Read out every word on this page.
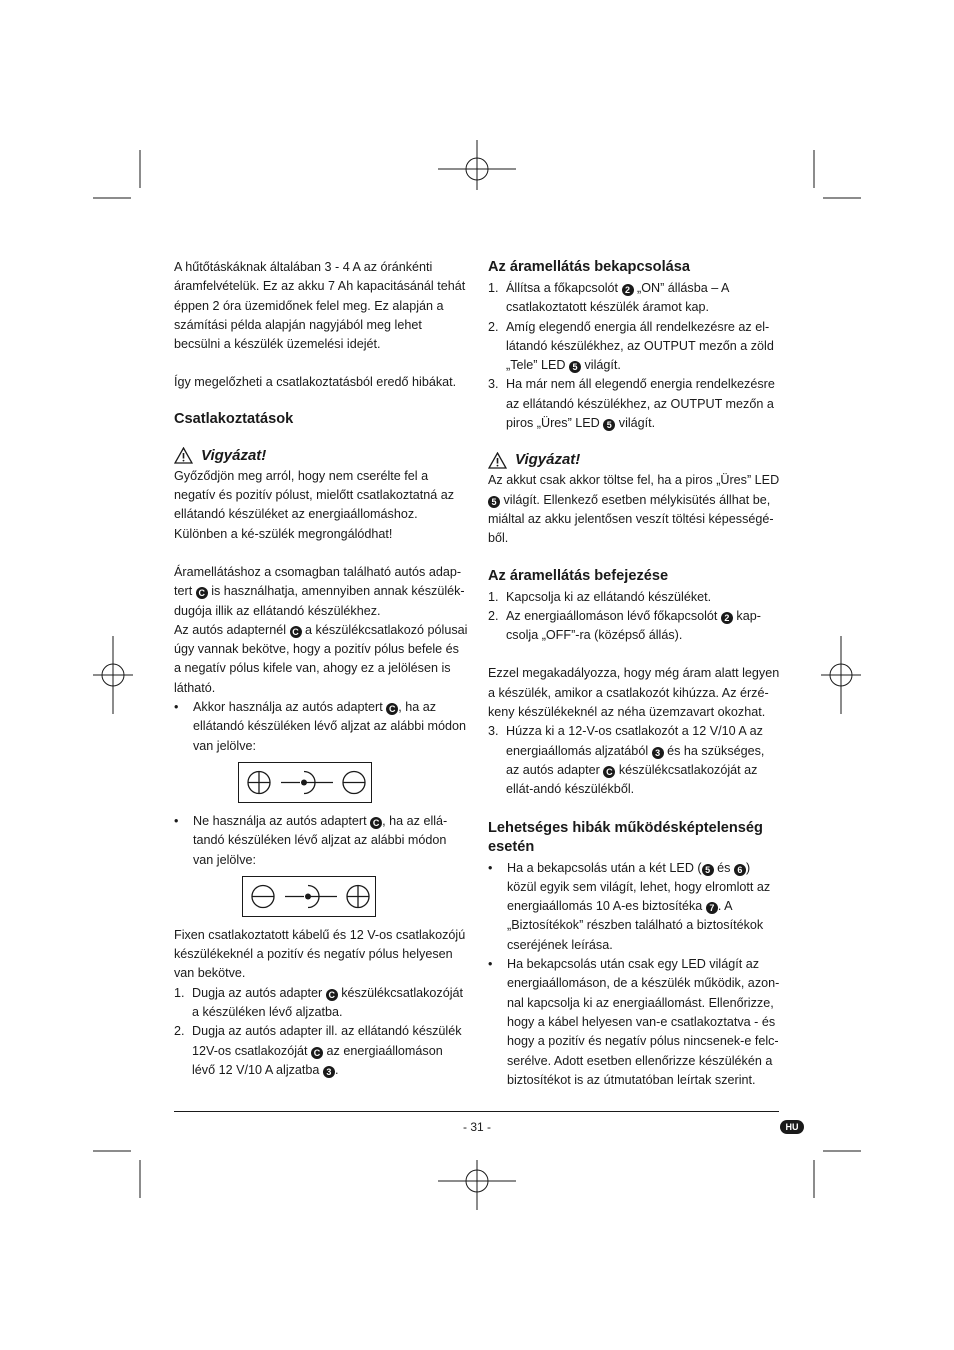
A hűtőtáskáknak általában 3 - 4 A az óránkénti áramfelvételük. Ez az akku 7 Ah kapacitásánál tehát éppen 2 óra üzemidőnek felel meg. Ez alapján a számítási példa alapján nagyjából meg lehet becsülni a készülék üzemelési idejét.

Így megelőzheti a csatlakoztatásból eredő hibákat.

Csatlakoztatások
Vigyázat!

Győződjön meg arról, hogy nem cserélte fel a negatív és pozitív pólust, mielőtt csatlakoztatná az ellátandó készüléket az energiaállomáshoz. Különben a ké-szülék megrongálódhat!

Áramellátáshoz a csomagban található autós adap-tert C is használhatja, amennyiben annak készülék-dugója illik az ellátandó készülékhez.

Az autós adapternél C a készülékcsatlakozó pólusai úgy vannak bekötve, hogy a pozitív pólus befele és a negatív pólus kifele van, ahogy ez a jelölésen is látható.

•	Akkor használja az autós adaptert C , ha az ellátandó készüléken lévő aljzat az alábbi módon van jelölve:
•	Ne használja az autós adaptert C , ha az ellá-tandó készüléken lévő aljzat az alábbi módon van jelölve:

Fixen csatlakoztatott kábelű és 12 V-os csatlakozójú készülékeknél a pozitív és negatív pólus helyesen van bekötve.

1. Dugja az autós adapter C készülékcsatlakozóját a készüléken lévő aljzatba.
2. Dugja az autós adapter ill. az ellátandó készülék 12V-os csatlakozóját C az energiaállomáson lévő 12 V/10 A aljzatba 3 .
Az áramellátás bekapcsolása
1. Állítsa a főkapcsolót 2 „ON” állásba – A csatlakoztatott készülék áramot kap.
2. Amíg elegendő energia áll rendelkezésre az el-látandó készülékhez, az OUTPUT mezőn a zöld „Tele” LED 5 világít.
3. Ha már nem áll elegendő energia rendelkezésre az ellátandó készülékhez, az OUTPUT mezőn a piros „Üres” LED 5 világít.
Vigyázat!

Az akkut csak akkor töltse fel, ha a piros „Üres” LED 5 világít. Ellenkező esetben mélykisütés állhat be, miáltal az akku jelentősen veszít töltési képességé-ből.

Az áramellátás befejezése
1. Kapcsolja ki az ellátandó készüléket.
2. Az energiaállomáson lévő főkapcsolót 2 kap-csolja „OFF”-ra (középső állás).

Ezzel megakadályozza, hogy még áram alatt legyen a készülék, amikor a csatlakozót kihúzza. Az érzé-keny készülékeknél az néha üzemzavart okozhat.

3. Húzza ki a 12-V-os csatlakozót a 12 V/10 A az energiaállomás aljzatából 3 és ha szükséges, az autós adapter C készülékcsatlakozóját az ellát-andó készülékből.
Lehetséges hibák működésképtelenség esetén
•	Ha a bekapcsolás után a két LED ( 5 és 6 ) közül egyik sem világít, lehet, hogy elromlott az energiaállomás 10 A-es biztosítéka 7 . A „Biztosítékok” részben található a biztosítékok cseréjének leírása.
•	Ha bekapcsolás után csak egy LED világít az energiaállomáson, de a készülék működik, azon-nal kapcsolja ki az energiaállomást. Ellenőrizze, hogy a kábel helyesen van-e csatlakoztatva - és hogy a pozitív és negatív pólus nincsenek-e felc-serélve. Adott esetben ellenőrizze készülékén a biztosítékot is az útmutatóban leírtak szerint.
- 31 -	HU
